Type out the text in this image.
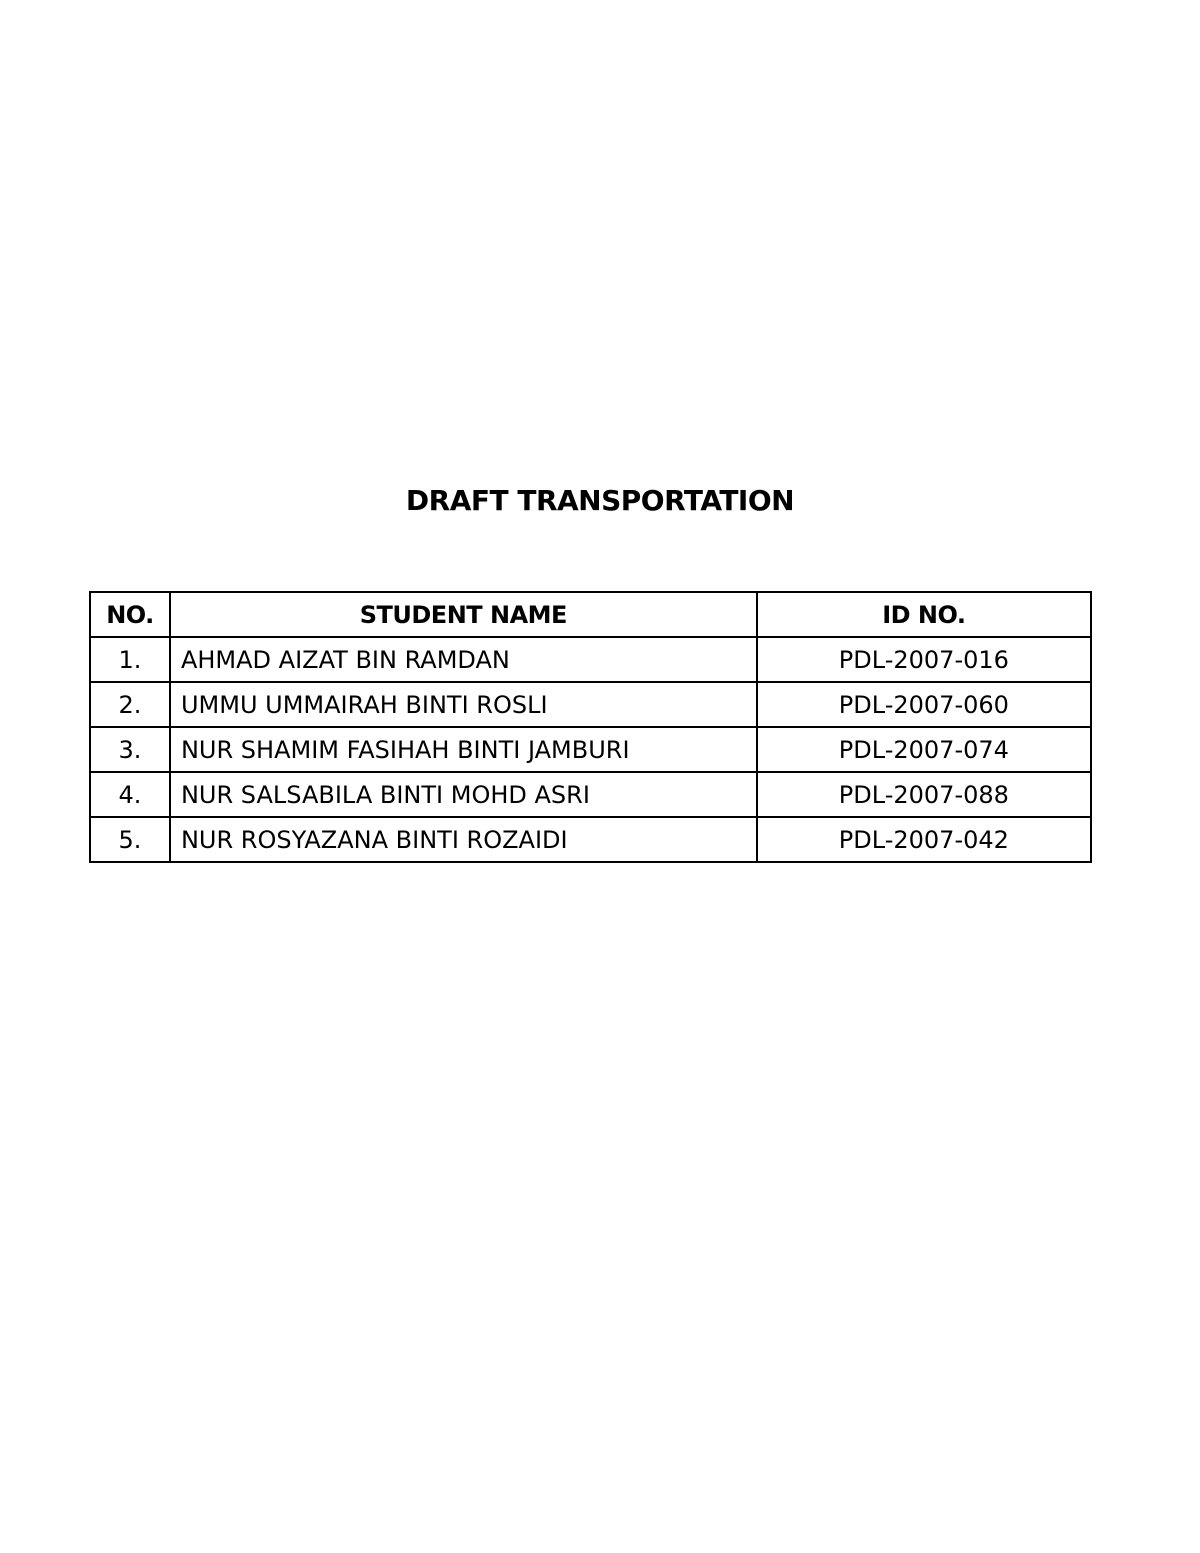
DRAFT TRANSPORTATION
NO.	STUDENT NAME	ID NO.
1.	AHMAD AIZAT BIN RAMDAN	PDL-2007-016
2.	UMMU UMMAIRAH BINTI ROSLI	PDL-2007-060
3.	NUR SHAMIM FASIHAH BINTI JAMBURI	PDL-2007-074
4.	NUR SALSABILA BINTI MOHD ASRI	PDL-2007-088
5.	NUR ROSYAZANA BINTI ROZAIDI	PDL-2007-042
